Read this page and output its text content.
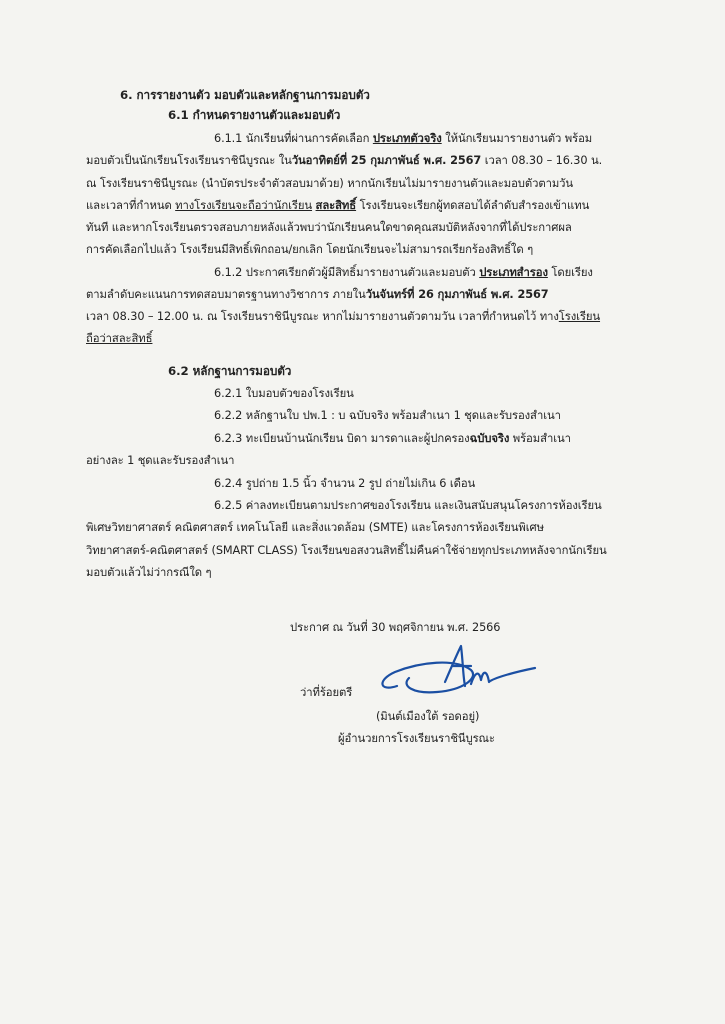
6. การรายงานตัว มอบตัวและหลักฐานการมอบตัว
6.1 กำหนดรายงานตัวและมอบตัว
6.1.1 นักเรียนที่ผ่านการคัดเลือก ประเภทตัวจริง ให้นักเรียนมารายงานตัว พร้อม
มอบตัวเป็นนักเรียนโรงเรียนราชินีบูรณะ ในวันอาทิตย์ที่ 25 กุมภาพันธ์ พ.ศ. 2567 เวลา 08.30 – 16.30 น.
ณ โรงเรียนราชินีบูรณะ (นำบัตรประจำตัวสอบมาด้วย) หากนักเรียนไม่มารายงานตัวและมอบตัวตามวัน
และเวลาที่กำหนด ทางโรงเรียนจะถือว่านักเรียน สละสิทธิ์ โรงเรียนจะเรียกผู้ทดสอบได้ลำดับสำรองเข้าแทน
ทันที และหากโรงเรียนตรวจสอบภายหลังแล้วพบว่านักเรียนคนใดขาดคุณสมบัติหลังจากที่ได้ประกาศผล
การคัดเลือกไปแล้ว โรงเรียนมีสิทธิ์เพิกถอน/ยกเลิก โดยนักเรียนจะไม่สามารถเรียกร้องสิทธิ์ใด ๆ
6.1.2 ประกาศเรียกตัวผู้มีสิทธิ์มารายงานตัวและมอบตัว ประเภทสำรอง โดยเรียง
ตามลำดับคะแนนการทดสอบมาตรฐานทางวิชาการ ภายในวันจันทร์ที่ 26 กุมภาพันธ์ พ.ศ. 2567
เวลา 08.30 – 12.00 น. ณ โรงเรียนราชินีบูรณะ หากไม่มารายงานตัวตามวัน เวลาที่กำหนดไว้ ทางโรงเรียน
ถือว่าสละสิทธิ์
6.2 หลักฐานการมอบตัว
6.2.1 ใบมอบตัวของโรงเรียน
6.2.2 หลักฐานใบ ปพ.1 : บ ฉบับจริง พร้อมสำเนา 1 ชุดและรับรองสำเนา
6.2.3 ทะเบียนบ้านนักเรียน บิดา มารดาและผู้ปกครองฉบับจริง พร้อมสำเนา
อย่างละ 1 ชุดและรับรองสำเนา
6.2.4 รูปถ่าย 1.5 นิ้ว จำนวน 2 รูป ถ่ายไม่เกิน 6 เดือน
6.2.5 ค่าลงทะเบียนตามประกาศของโรงเรียน และเงินสนับสนุนโครงการห้องเรียน
พิเศษวิทยาศาสตร์ คณิตศาสตร์ เทคโนโลยี และสิ่งแวดล้อม (SMTE) และโครงการห้องเรียนพิเศษ
วิทยาศาสตร์-คณิตศาสตร์ (SMART CLASS) โรงเรียนขอสงวนสิทธิ์ไม่คืนค่าใช้จ่ายทุกประเภทหลังจากนักเรียน
มอบตัวแล้วไม่ว่ากรณีใด ๆ
ประกาศ ณ วันที่ 30 พฤศจิกายน พ.ศ. 2566
ว่าที่ร้อยตรี
(มินต์เมืองใต้ รอดอยู่)
ผู้อำนวยการโรงเรียนราชินีบูรณะ
